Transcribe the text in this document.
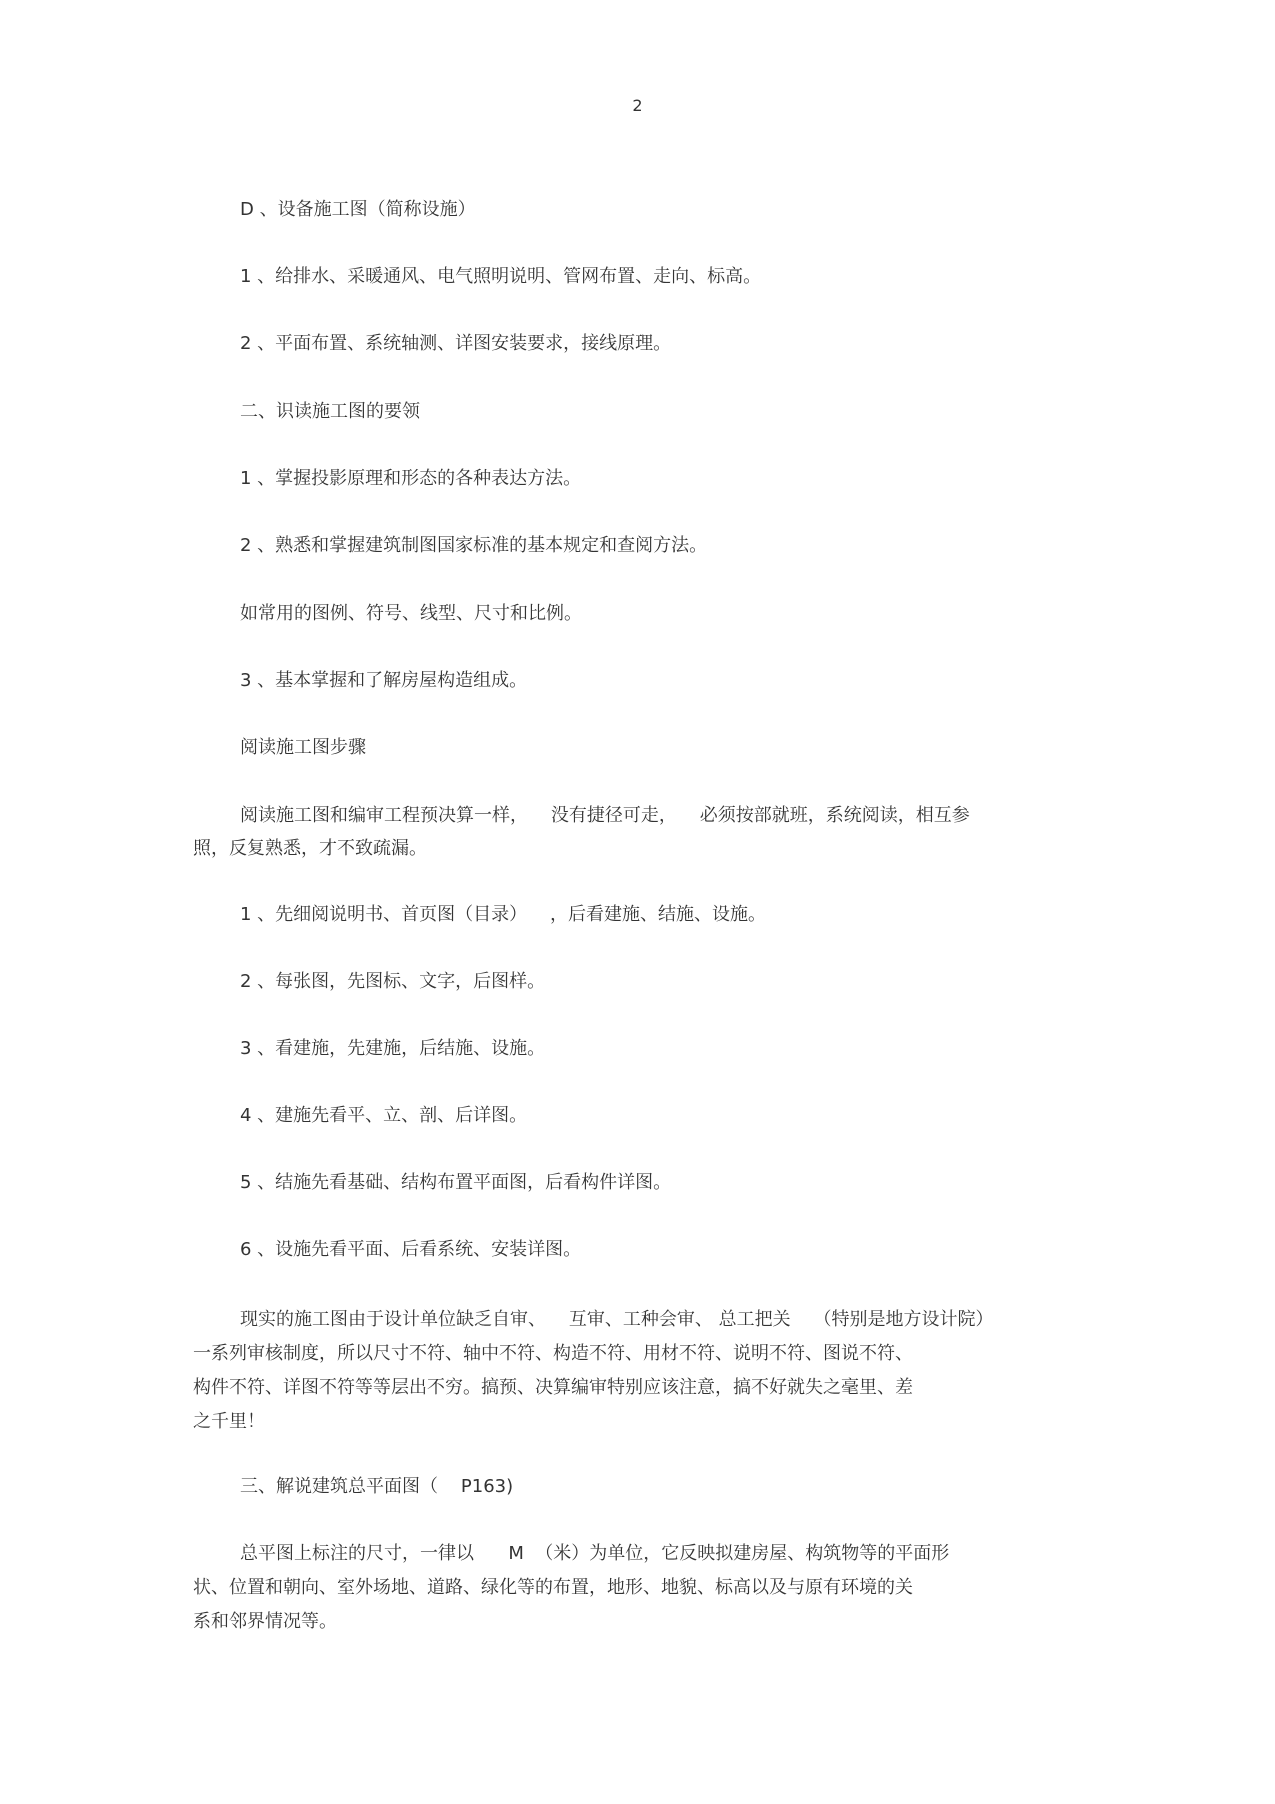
2
D 、设备施工图（简称设施）
1 、给排水、采暖通风、电气照明说明、管网布置、走向、标高。
2 、平面布置、系统轴测、详图安装要求，接线原理。
二、识读施工图的要领
1 、掌握投影原理和形态的各种表达方法。
2 、熟悉和掌握建筑制图国家标准的基本规定和查阅方法。
如常用的图例、符号、线型、尺寸和比例。
3 、基本掌握和了解房屋构造组成。
阅读施工图步骤
阅读施工图和编审工程预决算一样，    没有捷径可走，    必须按部就班，系统阅读，相互参
照，反复熟悉，才不致疏漏。
1 、先细阅说明书、首页图（目录）    ，后看建施、结施、设施。
2 、每张图，先图标、文字，后图样。
3 、看建施，先建施，后结施、设施。
4 、建施先看平、立、剖、后详图。
5 、结施先看基础、结构布置平面图，后看构件详图。
6 、设施先看平面、后看系统、安装详图。
现实的施工图由于设计单位缺乏自审、    互审、工种会审、 总工把关    （特别是地方设计院）
一系列审核制度，所以尺寸不符、轴中不符、构造不符、用材不符、说明不符、图说不符、
构件不符、详图不符等等层出不穷。搞预、决算编审特别应该注意，搞不好就失之毫里、差
之千里！
三、解说建筑总平面图（    P163)
总平图上标注的尺寸，一律以      M  （米）为单位，它反映拟建房屋、构筑物等的平面形
状、位置和朝向、室外场地、道路、绿化等的布置，地形、地貌、标高以及与原有环境的关
系和邻界情况等。
